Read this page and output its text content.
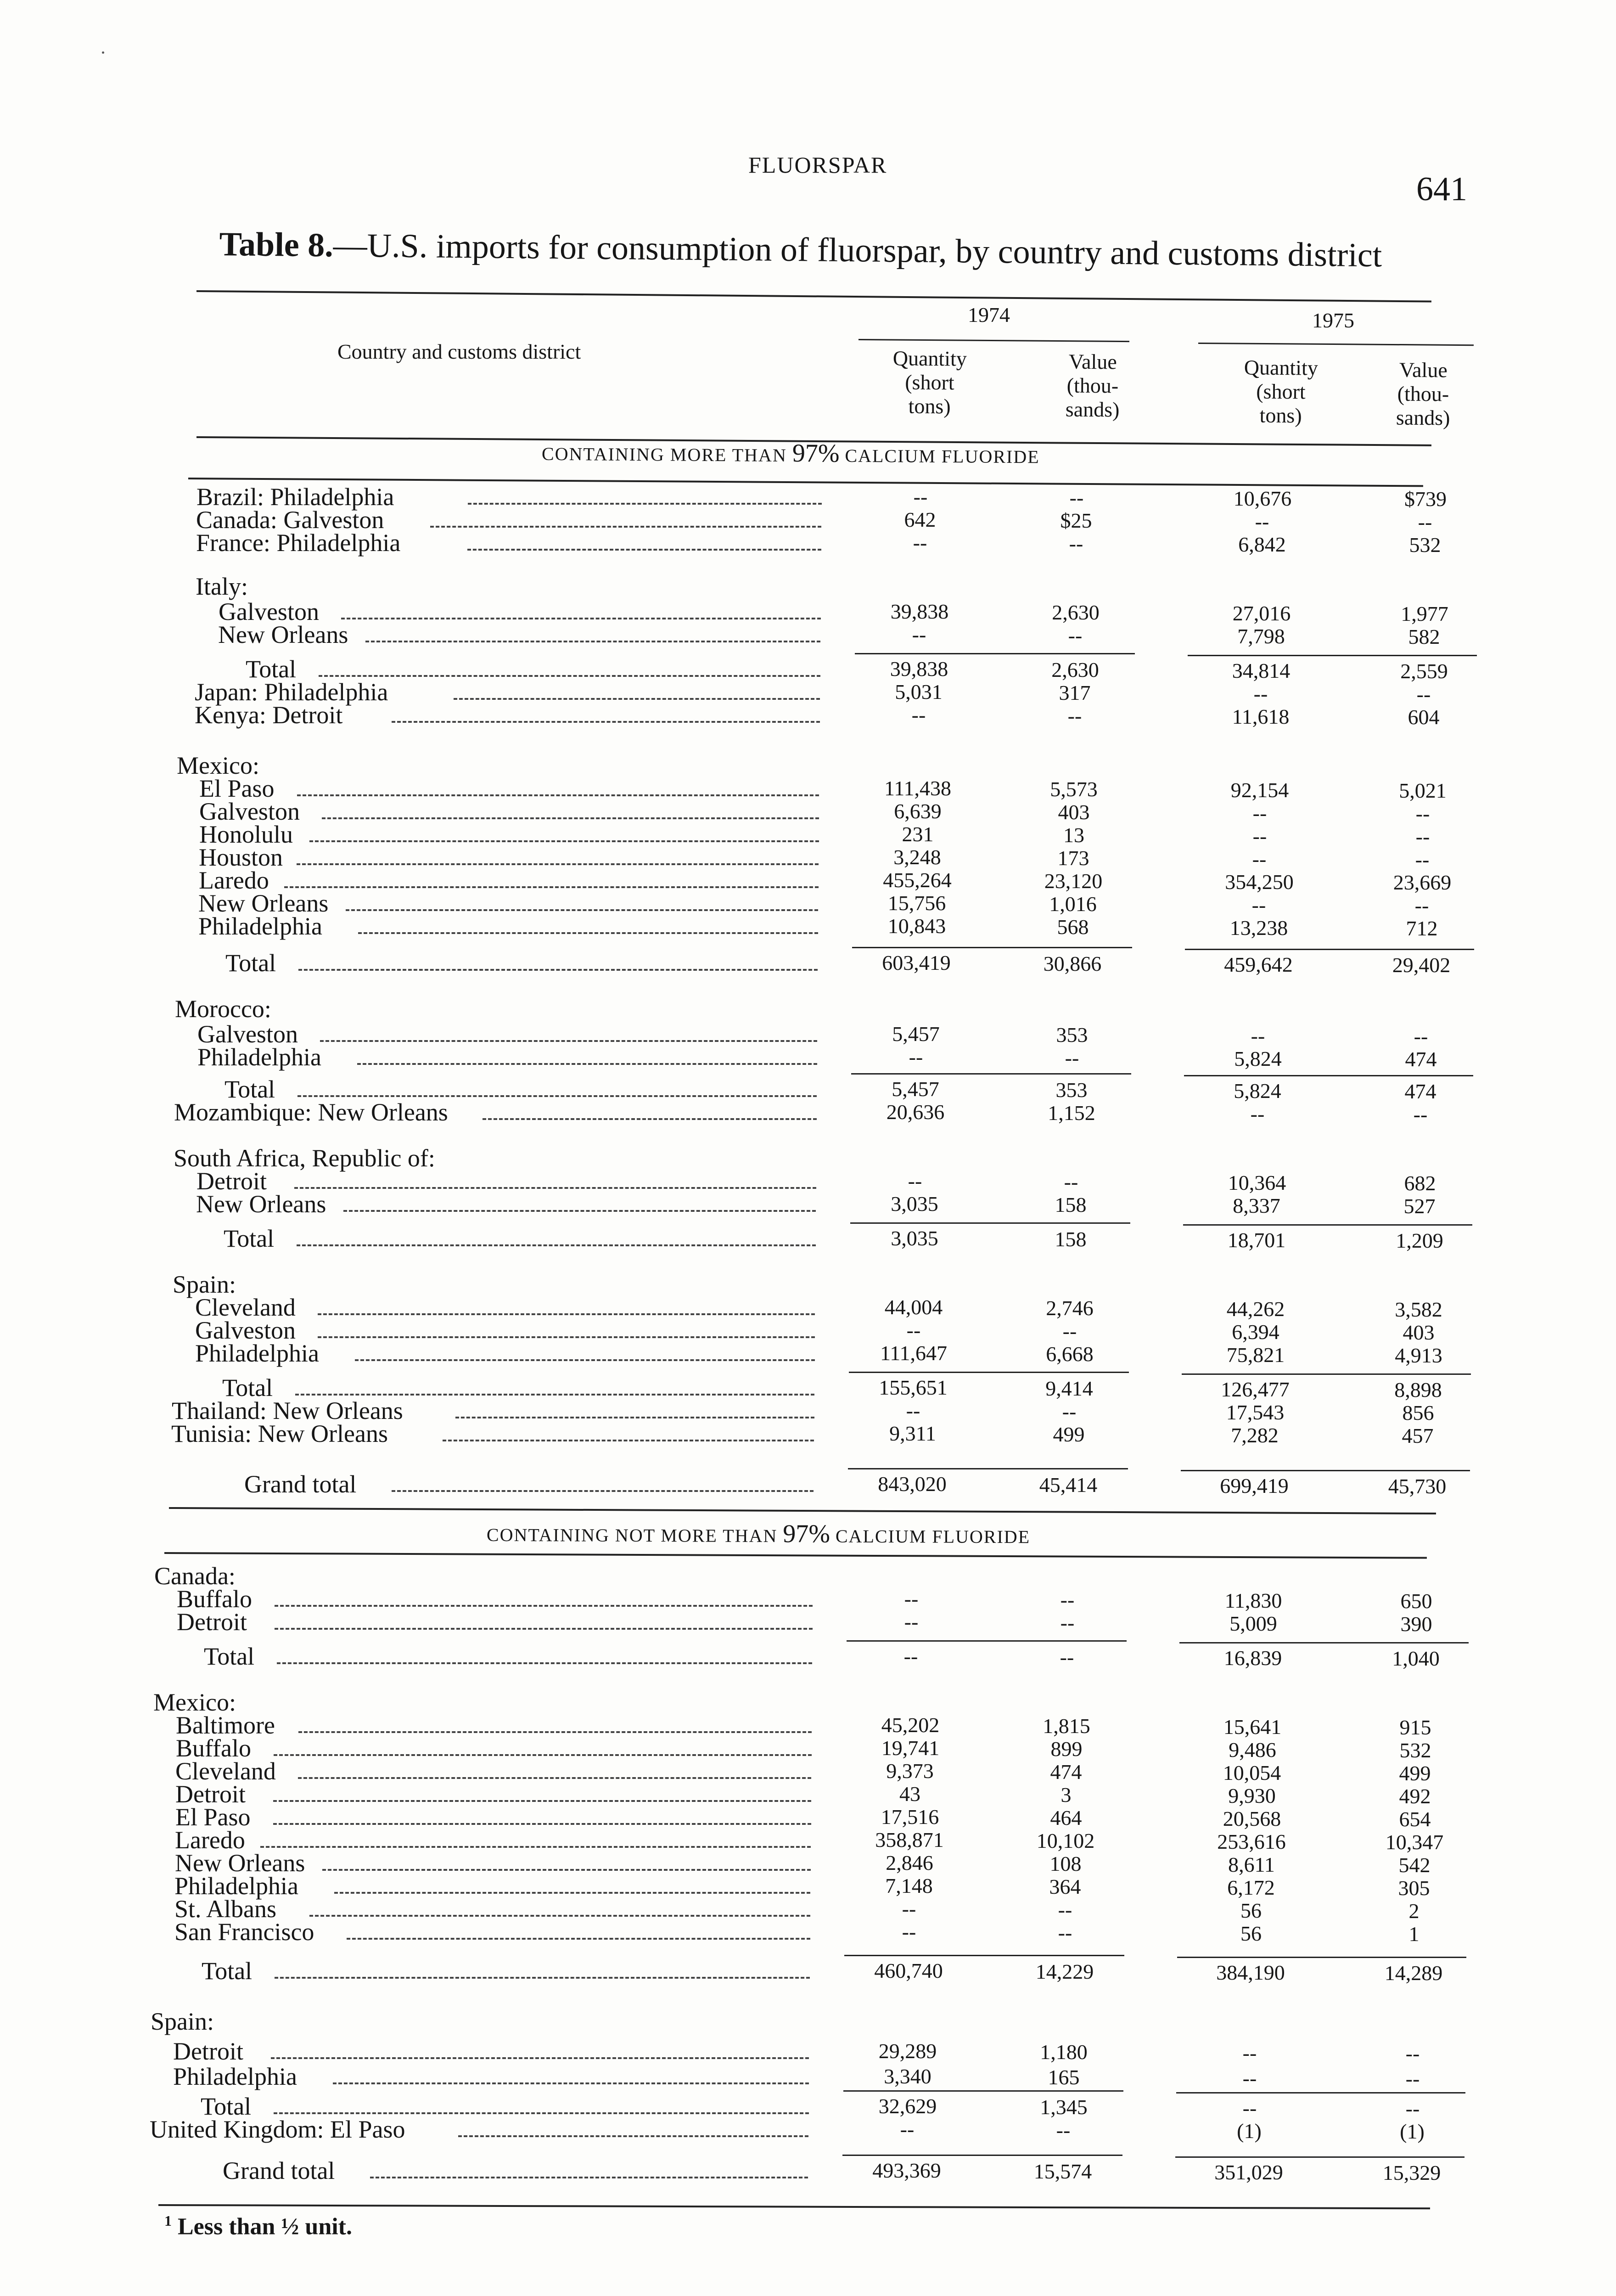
FLUORSPAR
641
Table 8.—U.S. imports for consumption of fluorspar, by country and customs district
Country and customs district
1974	1975
Quantity
(short
tons)
Value
(thou-
sands)
Quantity
(short
tons)
Value
(thou-
sands)
CONTAINING MORE THAN 97% CALCIUM FLUORIDE
CONTAINING NOT MORE THAN 97% CALCIUM FLUORIDE
Brazil: Philadelphia	--	--	10,676	$739
Canada: Galveston	642	$25	--	--
France: Philadelphia	--	--	6,842	532
Italy:
Galveston	39,838	2,630	27,016	1,977
New Orleans	--	--	7,798	582
Total	39,838	2,630	34,814	2,559
Japan: Philadelphia	5,031	317	--	--
Kenya: Detroit	--	--	11,618	604
Mexico:
El Paso	111,438	5,573	92,154	5,021
Galveston	6,639	403	--	--
Honolulu	231	13	--	--
Houston	3,248	173	--	--
Laredo	455,264	23,120	354,250	23,669
New Orleans	15,756	1,016	--	--
Philadelphia	10,843	568	13,238	712
Total	603,419	30,866	459,642	29,402
Morocco:
Galveston	5,457	353	--	--
Philadelphia	--	--	5,824	474
Total	5,457	353	5,824	474
Mozambique: New Orleans	20,636	1,152	--	--
South Africa, Republic of:
Detroit	--	--	10,364	682
New Orleans	3,035	158	8,337	527
Total	3,035	158	18,701	1,209
Spain:
Cleveland	44,004	2,746	44,262	3,582
Galveston	--	--	6,394	403
Philadelphia	111,647	6,668	75,821	4,913
Total	155,651	9,414	126,477	8,898
Thailand: New Orleans	--	--	17,543	856
Tunisia: New Orleans	9,311	499	7,282	457
Grand total	843,020	45,414	699,419	45,730
Canada:
Buffalo	--	--	11,830	650
Detroit	--	--	5,009	390
Total	--	--	16,839	1,040
Mexico:
Baltimore	45,202	1,815	15,641	915
Buffalo	19,741	899	9,486	532
Cleveland	9,373	474	10,054	499
Detroit	43	3	9,930	492
El Paso	17,516	464	20,568	654
Laredo	358,871	10,102	253,616	10,347
New Orleans	2,846	108	8,611	542
Philadelphia	7,148	364	6,172	305
St. Albans	--	--	56	2
San Francisco	--	--	56	1
Total	460,740	14,229	384,190	14,289
Spain:
Detroit	29,289	1,180	--	--
Philadelphia	3,340	165	--	--
Total	32,629	1,345	--	--
United Kingdom: El Paso	--	--	(1)	(1)
Grand total	493,369	15,574	351,029	15,329
$^1$ Less than ½ unit.
